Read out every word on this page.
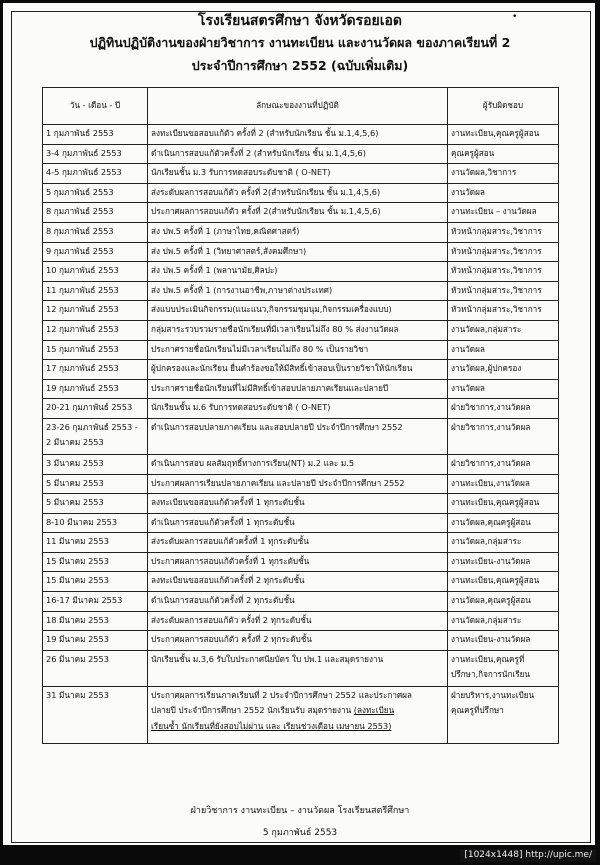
โรงเรียนสตรศึกษา จังหวัดรอยเอด	•
ปฏิทินปฏิบัติงานของฝ่ายวิชาการ งานทะเบียน และงานวัดผล ของภาคเรียนที่ 2
ประจำปีการศึกษา 2552 (ฉบับเพิ่มเติม)
วัน - เดือน - ปี	ลักษณะของงานที่ปฏิบัติ	ผู้รับผิดชอบ
1 กุมภาพันธ์ 2553	ลงทะเบียนขอสอบแก้ตัว ครั้งที่ 2 (สำหรับนักเรียน ชั้น ม.1,4,5,6)	งานทะเบียน,คุณครูผู้สอน
3-4 กุมภาพันธ์ 2553	ดำเนินการสอบแก้ตัวครั้งที่ 2 (สำหรับนักเรียน ชั้น ม.1,4,5,6)	คุณครูผู้สอน
4-5 กุมภาพันธ์ 2553	นักเรียนชั้น ม.3 รับการทดสอบระดับชาติ ( O-NET)	งานวัดผล,วิชาการ
5 กุมภาพันธ์ 2553	ส่งระดับผลการสอบแก้ตัว ครั้งที่ 2(สำหรับนักเรียน ชั้น ม.1,4,5,6)	งานวัดผล
8 กุมภาพันธ์ 2553	ประกาศผลการสอบแก้ตัว ครั้งที่ 2(สำหรับนักเรียน ชั้น ม.1,4,5,6)	งานทะเบียน – งานวัดผล
8 กุมภาพันธ์ 2553	ส่ง ปพ.5 ครั้งที่ 1 (ภาษาไทย,คณิตศาสตร์)	หัวหน้ากลุ่มสาระ,วิชาการ
9 กุมภาพันธ์ 2553	ส่ง ปพ.5 ครั้งที่ 1 (วิทยาศาสตร์,สังคมศึกษา)	หัวหน้ากลุ่มสาระ,วิชาการ
10 กุมภาพันธ์ 2553	ส่ง ปพ.5 ครั้งที่ 1 (พลานามัย,ศิลปะ)	หัวหน้ากลุ่มสาระ,วิชาการ
11 กุมภาพันธ์ 2553	ส่ง ปพ.5 ครั้งที่ 1 (การงานอาชีพ,ภาษาต่างประเทศ)	หัวหน้ากลุ่มสาระ,วิชาการ
12 กุมภาพันธ์ 2553	ส่งแบบประเมินกิจกรรม(แนะแนว,กิจกรรมชุมนุม,กิจกรรมเครื่องแบบ)	หัวหน้ากลุ่มสาระ,วิชาการ
12 กุมภาพันธ์ 2553	กลุ่มสาระรวบรวมรายชื่อนักเรียนที่มีเวลาเรียนไม่ถึง 80 % ส่งงานวัดผล	งานวัดผล,กลุ่มสาระ
15 กุมภาพันธ์ 2553	ประกาศรายชื่อนักเรียนไม่มีเวลาเรียนไม่ถึง 80 % เป็นรายวิชา	งานวัดผล
17 กุมภาพันธ์ 2553	ผู้ปกครองและนักเรียน ยื่นคำร้องขอให้มีสิทธิ์เข้าสอบเป็นรายวิชาให้นักเรียน	งานวัดผล,ผู้ปกครอง
19 กุมภาพันธ์ 2553	ประกาศรายชื่อนักเรียนที่ไม่มีสิทธิ์เข้าสอบปลายภาคเรียนและปลายปี	งานวัดผล
20-21 กุมภาพันธ์ 2553	นักเรียนชั้น ม.6 รับการทดสอบระดับชาติ ( O-NET)	ฝ่ายวิชาการ,งานวัดผล
23-26 กุมภาพันธ์ 2553 - 2 มีนาคม 2553	ดำเนินการสอบปลายภาคเรียน และสอบปลายปี ประจำปีการศึกษา 2552	ฝ่ายวิชาการ,งานวัดผล
3 มีนาคม 2553	ดำเนินการสอบ ผลสัมฤทธิ์ทางการเรียน(NT) ม.2 และ ม.5	ฝ่ายวิชาการ,งานวัดผล
5 มีนาคม 2553	ประกาศผลการเรียนปลายภาคเรียน และปลายปี ประจำปีการศึกษา 2552	งานทะเบียน,งานวัดผล
5 มีนาคม 2553	ลงทะเบียนขอสอบแก้ตัวครั้งที่ 1 ทุกระดับชั้น	งานทะเบียน,คุณครูผู้สอน
8-10 มีนาคม 2553	ดำเนินการสอบแก้ตัวครั้งที่ 1 ทุกระดับชั้น	งานวัดผล,คุณครูผู้สอน
11 มีนาคม 2553	ส่งระดับผลการสอบแก้ตัวครั้งที่ 1 ทุกระดับชั้น	งานวัดผล,กลุ่มสาระ
15 มีนาคม 2553	ประกาศผลการสอบแก้ตัวครั้งที่ 1 ทุกระดับชั้น	งานทะเบียน-งานวัดผล
15 มีนาคม 2553	ลงทะเบียนขอสอบแก้ตัวครั้งที่ 2 ทุกระดับชั้น	งานทะเบียน,คุณครูผู้สอน
16-17 มีนาคม 2553	ดำเนินการสอบแก้ตัวครั้งที่ 2 ทุกระดับชั้น	งานวัดผล,คุณครูผู้สอน
18 มีนาคม 2553	ส่งระดับผลการสอบแก้ตัว ครั้งที่ 2 ทุกระดับชั้น	งานวัดผล,กลุ่มสาระ
19 มีนาคม 2553	ประกาศผลการสอบแก้ตัว ครั้งที่ 2 ทุกระดับชั้น	งานทะเบียน-งานวัดผล
26 มีนาคม 2553	นักเรียนชั้น ม.3,6 รับใบประกาศนียบัตร ใบ ปพ.1 และสมุดรายงาน	งานทะเบียน,คุณครูที่
ปรึกษา,กิจการนักเรียน
31 มีนาคม 2553	ประกาศผลการเรียนภาคเรียนที่ 2 ประจำปีการศึกษา 2552 และประกาศผล
ปลายปี ประจำปีการศึกษา 2552 นักเรียนรับ สมุดรายงาน (ลงทะเบียน
เรียนซ้ำ นักเรียนที่ยังสอบไม่ผ่าน และ เรียนช่วงเดือน เมษายน 2553)	ฝ่ายบริหาร,งานทะเบียน
คุณครูที่ปรึกษา
ฝ่ายวิชาการ งานทะเบียน – งานวัดผล โรงเรียนสตรีศึกษา
5 กุมภาพันธ์ 2553
[1024x1448] http://upic.me/
